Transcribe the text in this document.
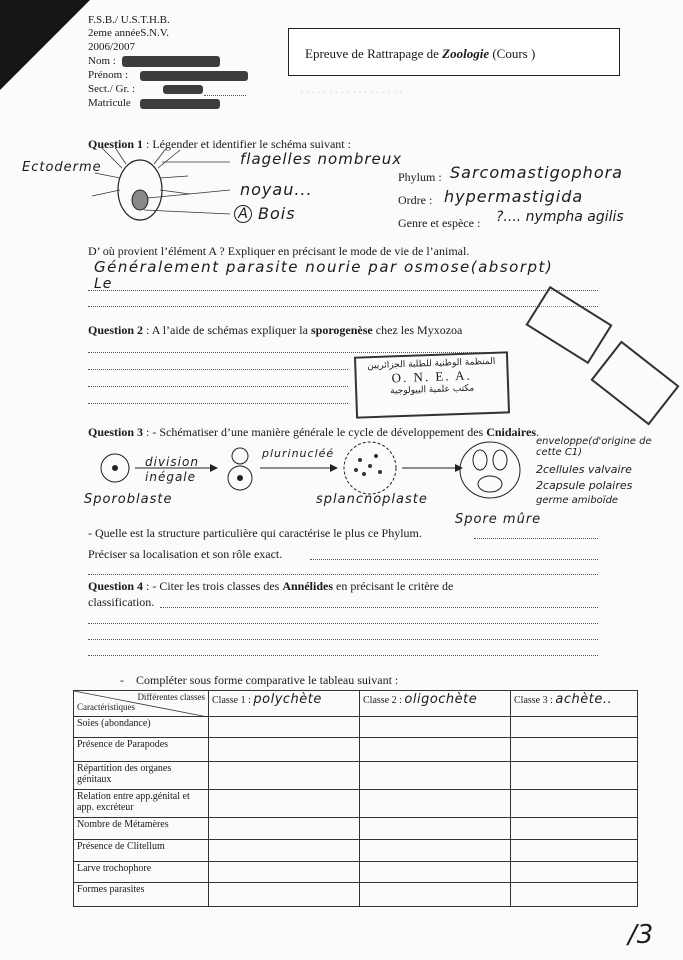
F.S.B./ U.S.T.H.B.
2eme annéeS.N.V.
2006/2007
Nom :
Prénom :
Sect./ Gr. :
Matricule
Epreuve de Rattrapage de Zoologie (Cours )
· · · · · · · · · · · · · · · · · ·
Question 1 : Légender et identifier le schéma suivant :
Ectoderme	flagelles nombreux
noyau...
A Bois
Phylum : Sarcomastigophora
Ordre : hypermastigida
Genre et espèce : ?.... nympha agilis
D’ où provient l’élément A ? Expliquer en précisant le mode de vie de l’animal.
Généralement parasite nourie par osmose(absorpt)
Le
Question 2 : A l’aide de schémas expliquer la sporogenèse chez les Myxozoa
المنظمة الوطنية للطلبة الجزائريين
O. N. E. A.
مكتب علمية البيولوجية
Question 3 : - Schématiser d’une manière générale le cycle de développement des Cnidaires.
division
inégale
plurinucléé
Sporoblaste	splancnoplaste
Spore mûre
enveloppe(d'origine de cette C1)
2cellules valvaire
2capsule polaires
germe amiboïde
- Quelle est la structure particulière qui caractérise le plus ce Phylum.
Préciser sa localisation et son rôle exact.
Question 4 : - Citer les trois classes des Annélides en précisant le critère de
classification.
-    Compléter sous forme comparative le tableau suivant :
Différentes classes
Caractéristiques	Classe 1 : polychète	Classe 2 : oligochète	Classe 3 : achète..
Soies (abondance)			
Présence de Parapodes			
Répartition des organes génitaux			
Relation entre app.génital et app. excréteur			
Nombre de Métamères			
Présence de Clitellum			
Larve trochophore			
Formes parasites			
/3
